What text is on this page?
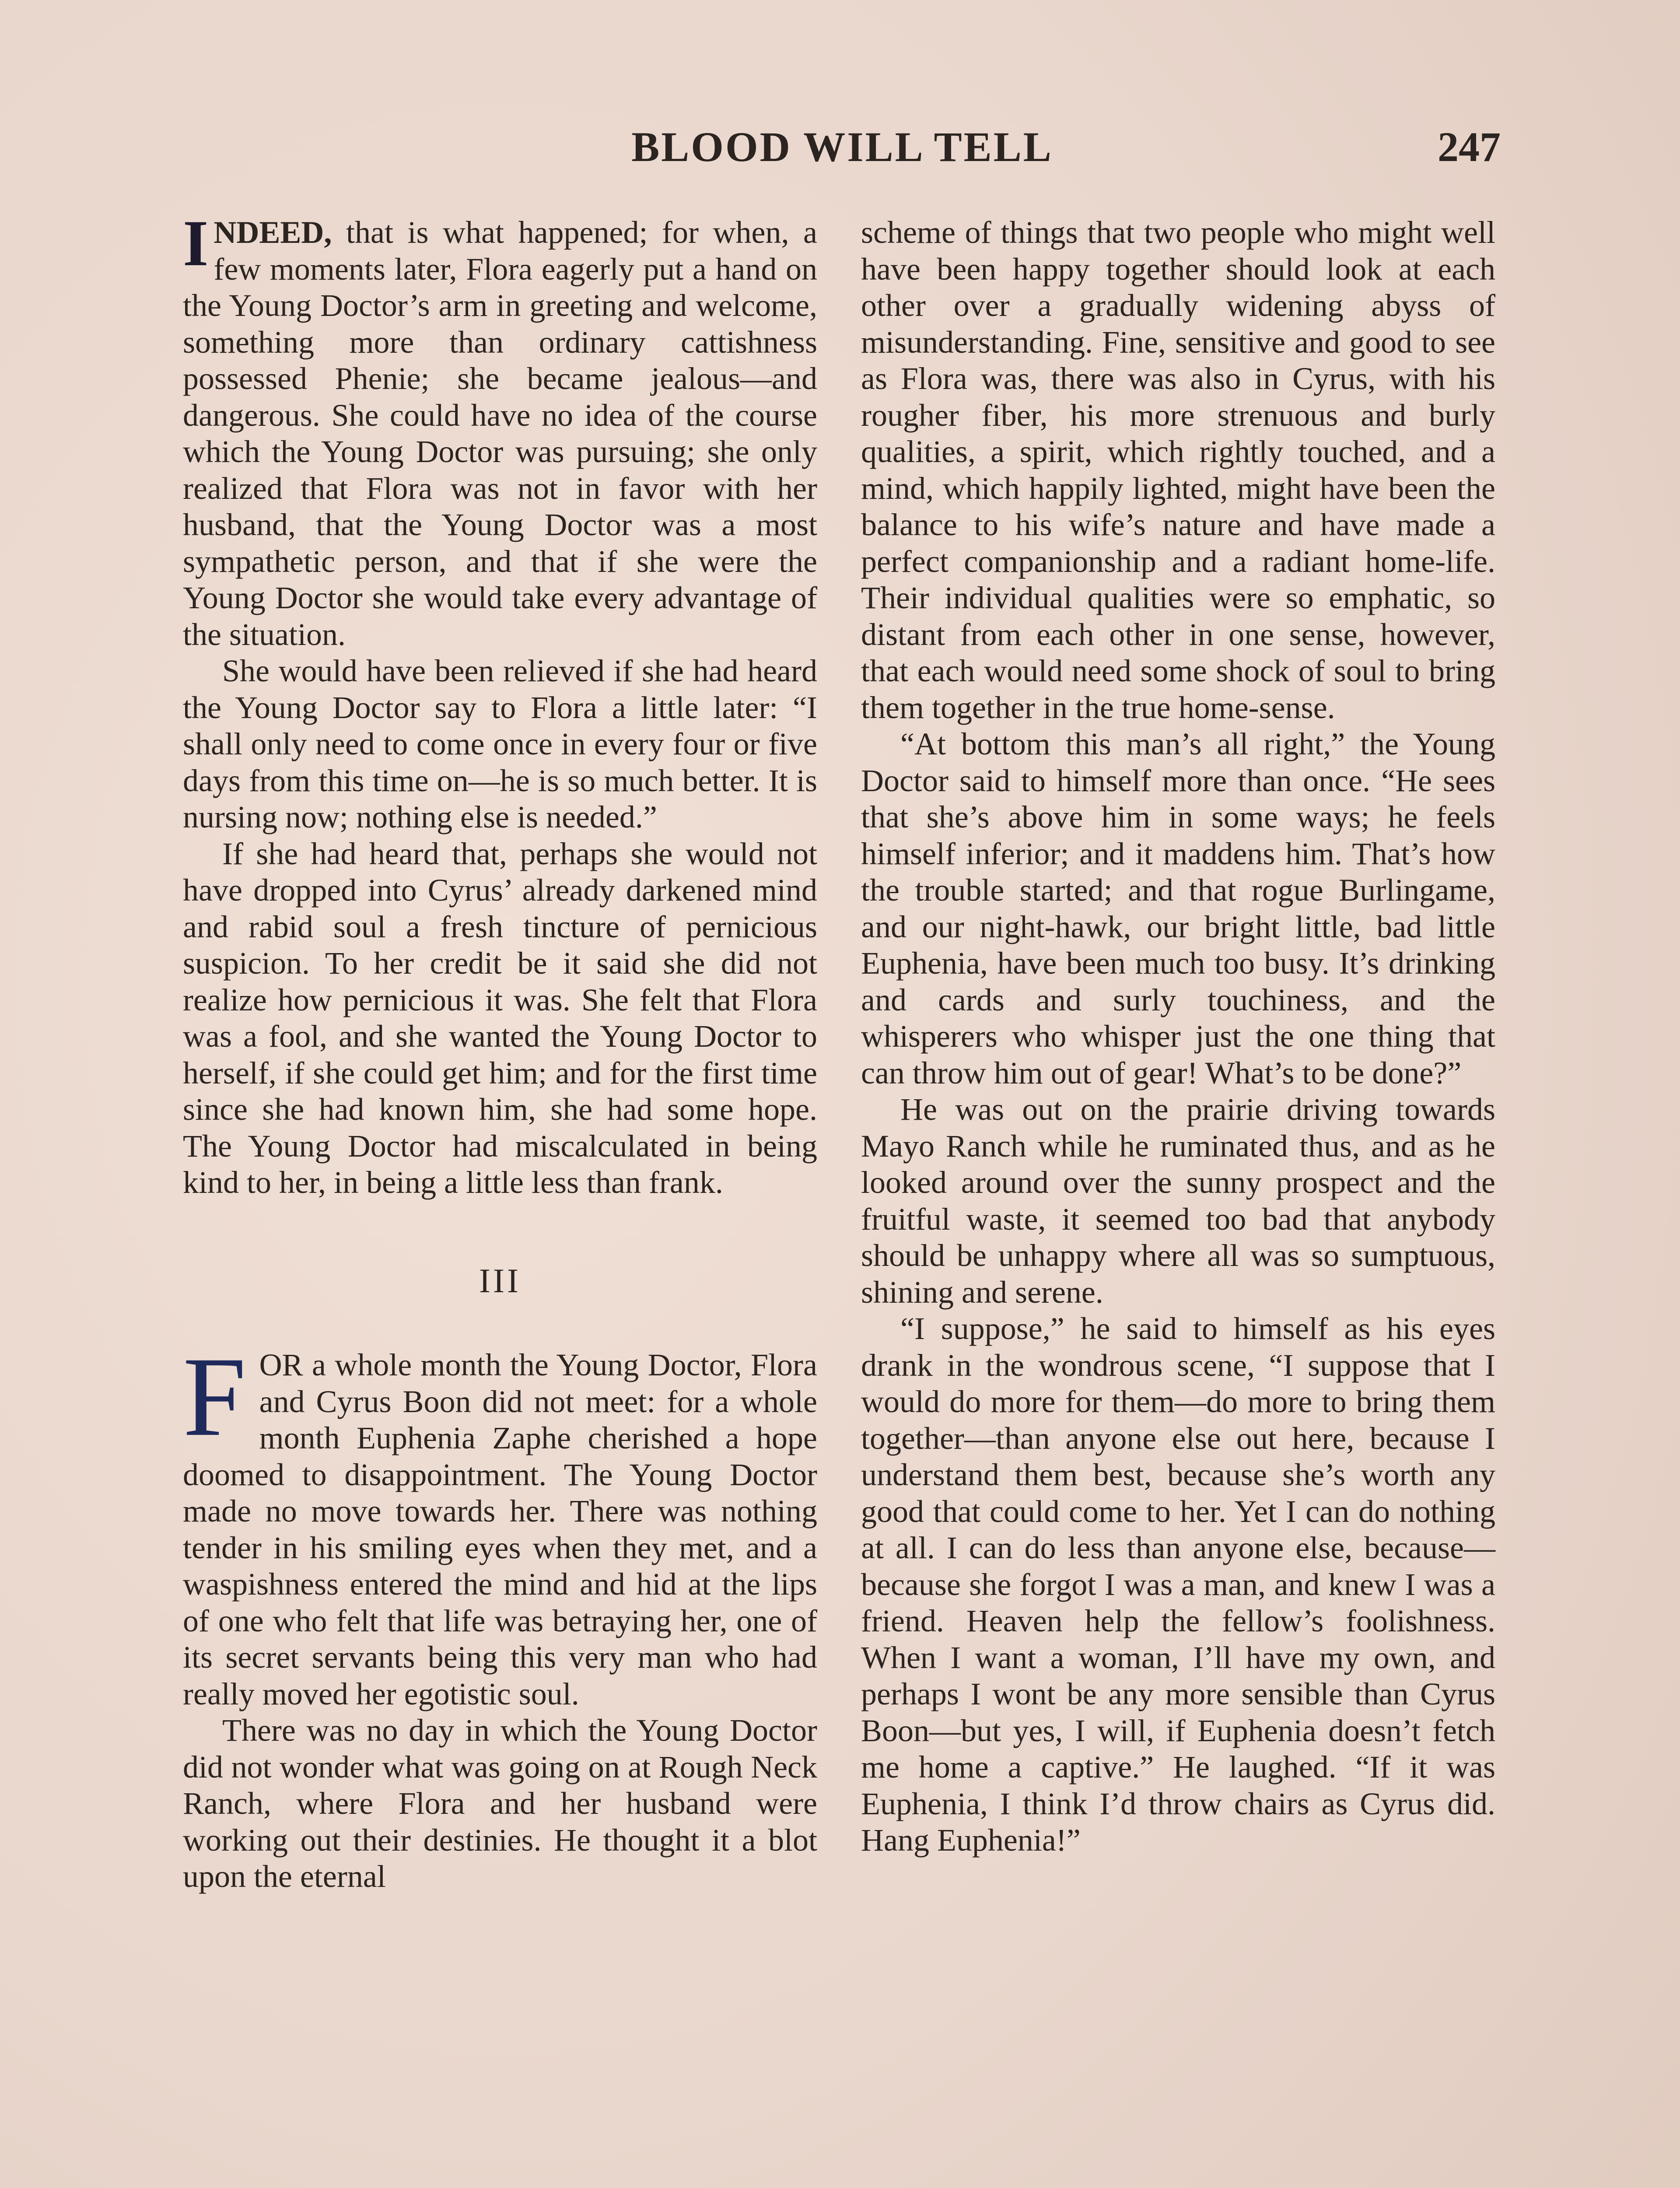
BLOOD WILL TELL	247

INDEED, that is what happened; for when, a few moments later, Flora eagerly put a hand on the Young Doctor’s arm in greeting and welcome, something more than ordinary cattishness possessed Phenie; she became jealous—and dangerous. She could have no idea of the course which the Young Doctor was pursuing; she only realized that Flora was not in favor with her husband, that the Young Doctor was a most sympathetic person, and that if she were the Young Doctor she would take every advantage of the situation.

She would have been relieved if she had heard the Young Doctor say to Flora a little later: “I shall only need to come once in every four or five days from this time on—he is so much better. It is nursing now; nothing else is needed.”

If she had heard that, perhaps she would not have dropped into Cyrus’ already darkened mind and rabid soul a fresh tincture of pernicious suspicion. To her credit be it said she did not realize how pernicious it was. She felt that Flora was a fool, and she wanted the Young Doctor to herself, if she could get him; and for the first time since she had known him, she had some hope. The Young Doctor had miscalculated in being kind to her, in being a little less than frank.

III

FOR a whole month the Young Doctor, Flora and Cyrus Boon did not meet: for a whole month Euphenia Zaphe cherished a hope doomed to disappointment. The Young Doctor made no move towards her. There was nothing tender in his smiling eyes when they met, and a waspishness entered the mind and hid at the lips of one who felt that life was betraying her, one of its secret servants being this very man who had really moved her egotistic soul.

There was no day in which the Young Doctor did not wonder what was going on at Rough Neck Ranch, where Flora and her husband were working out their destinies. He thought it a blot upon the eternal

scheme of things that two people who might well have been happy together should look at each other over a gradually widening abyss of misunderstanding. Fine, sensitive and good to see as Flora was, there was also in Cyrus, with his rougher fiber, his more strenuous and burly qualities, a spirit, which rightly touched, and a mind, which happily lighted, might have been the balance to his wife’s nature and have made a perfect companionship and a radiant home-life. Their individual qualities were so emphatic, so distant from each other in one sense, however, that each would need some shock of soul to bring them together in the true home-sense.

“At bottom this man’s all right,” the Young Doctor said to himself more than once. “He sees that she’s above him in some ways; he feels himself inferior; and it maddens him. That’s how the trouble started; and that rogue Burlingame, and our night-hawk, our bright little, bad little Euphenia, have been much too busy. It’s drinking and cards and surly touchiness, and the whisperers who whisper just the one thing that can throw him out of gear! What’s to be done?”

He was out on the prairie driving towards Mayo Ranch while he ruminated thus, and as he looked around over the sunny prospect and the fruitful waste, it seemed too bad that anybody should be unhappy where all was so sumptuous, shining and serene.

“I suppose,” he said to himself as his eyes drank in the wondrous scene, “I suppose that I would do more for them—do more to bring them together—than anyone else out here, because I understand them best, because she’s worth any good that could come to her. Yet I can do nothing at all. I can do less than anyone else, because—because she forgot I was a man, and knew I was a friend. Heaven help the fellow’s foolishness. When I want a woman, I’ll have my own, and perhaps I wont be any more sensible than Cyrus Boon—but yes, I will, if Euphenia doesn’t fetch me home a captive.” He laughed. “If it was Euphenia, I think I’d throw chairs as Cyrus did. Hang Euphenia!”
